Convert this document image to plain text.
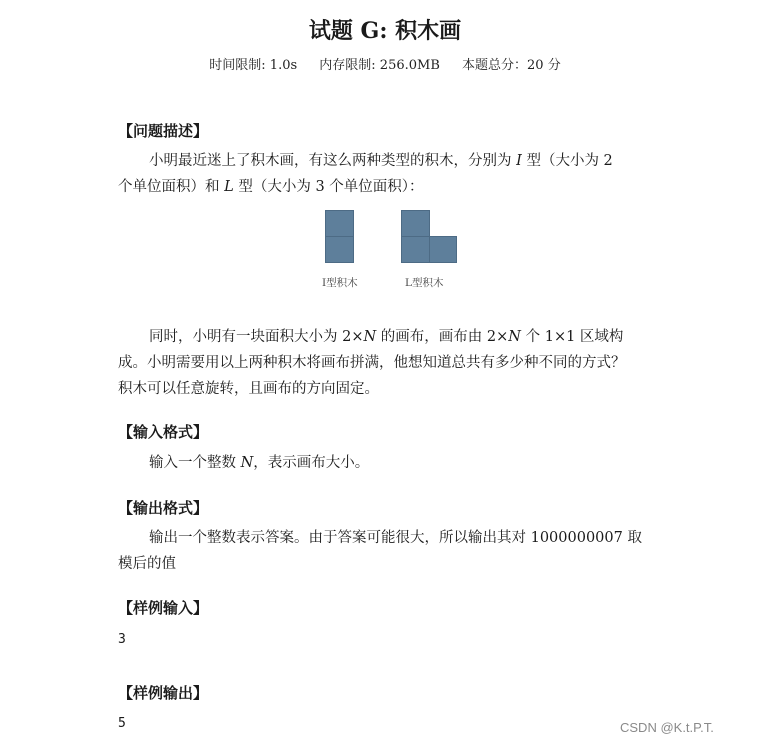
试题 G: 积木画
时间限制: 1.0s 内存限制: 256.0MB 本题总分：20 分
【问题描述】
小明最近迷上了积木画，有这么两种类型的积木，分别为 I 型（大小为 2
个单位面积）和 L 型（大小为 3 个单位面积）：
I型积木	L型积木
同时，小明有一块面积大小为 2×N 的画布，画布由 2×N 个 1×1 区域构
成。小明需要用以上两种积木将画布拼满，他想知道总共有多少种不同的方式？
积木可以任意旋转，且画布的方向固定。
【输入格式】
输入一个整数 N，表示画布大小。
【输出格式】
输出一个整数表示答案。由于答案可能很大，所以输出其对 1000000007 取
模后的值
【样例输入】
3
【样例输出】
5	CSDN @K.t.P.T.
